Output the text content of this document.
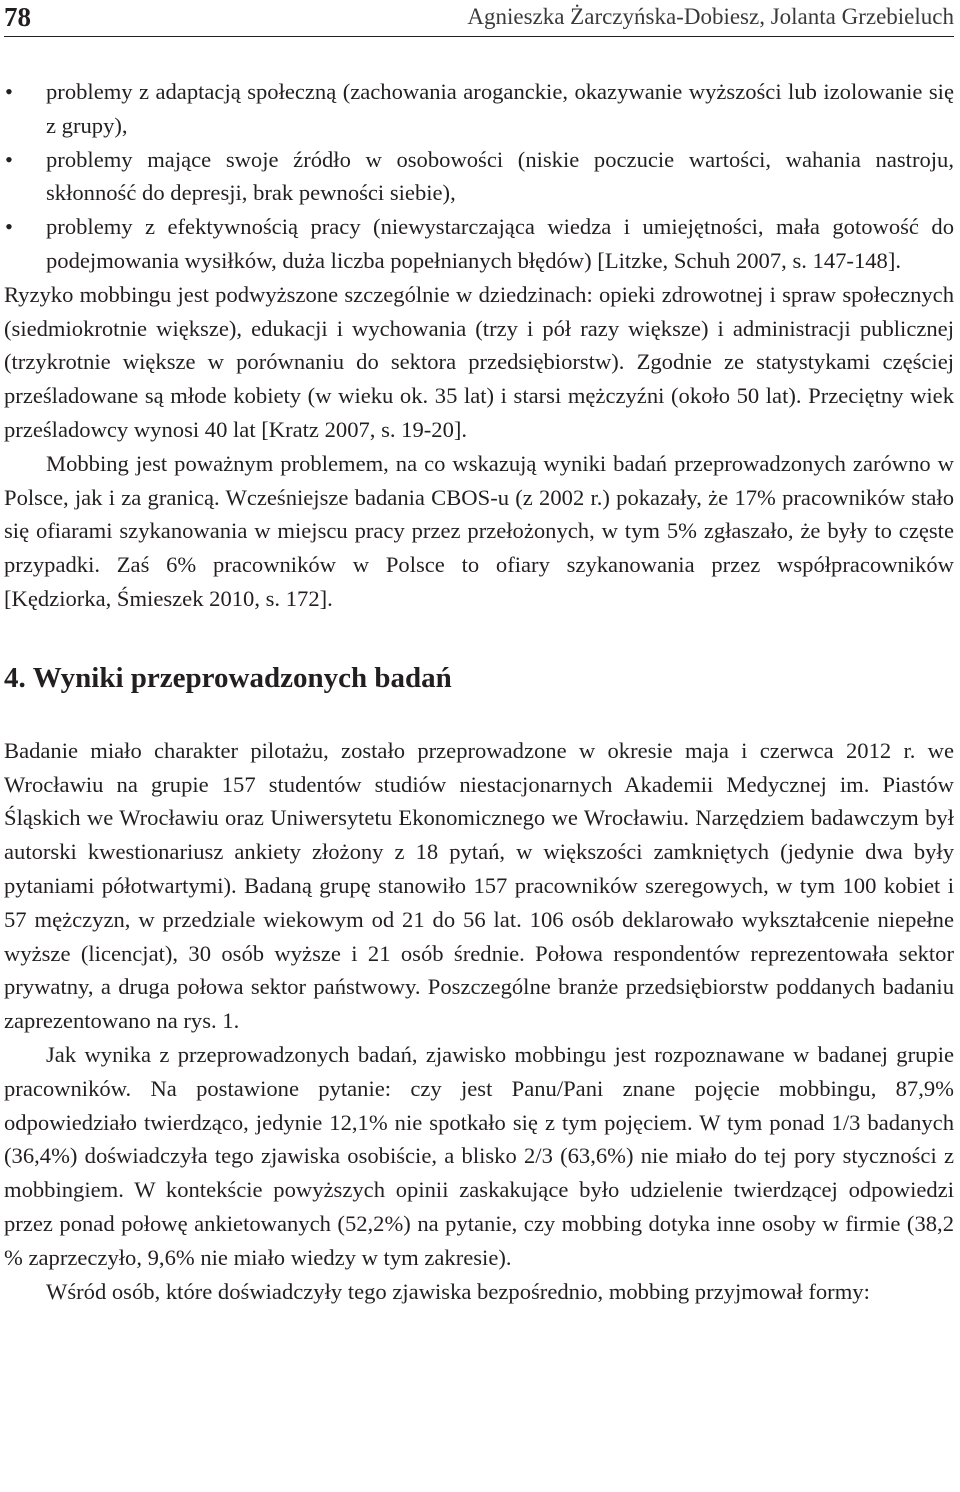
78	Agnieszka Żarczyńska-Dobiesz, Jolanta Grzebieluch
• problemy z adaptacją społeczną (zachowania aroganckie, okazywanie wyższości lub izolowanie się z grupy),
• problemy mające swoje źródło w osobowości (niskie poczucie wartości, wahania nastroju, skłonność do depresji, brak pewności siebie),
• problemy z efektywnością pracy (niewystarczająca wiedza i umiejętności, mała gotowość do podejmowania wysiłków, duża liczba popełnianych błędów) [Litzke, Schuh 2007, s. 147-148].

Ryzyko mobbingu jest podwyższone szczególnie w dziedzinach: opieki zdrowotnej i spraw społecznych (siedmiokrotnie większe), edukacji i wychowania (trzy i pół razy większe) i administracji publicznej (trzykrotnie większe w porównaniu do sektora przedsiębiorstw). Zgodnie ze statystykami częściej prześladowane są młode kobiety (w wieku ok. 35 lat) i starsi mężczyźni (około 50 lat). Przeciętny wiek prześladowcy wynosi 40 lat [Kratz 2007, s. 19-20].

Mobbing jest poważnym problemem, na co wskazują wyniki badań przeprowadzonych zarówno w Polsce, jak i za granicą. Wcześniejsze badania CBOS-u (z 2002 r.) pokazały, że 17% pracowników stało się ofiarami szykanowania w miejscu pracy przez przełożonych, w tym 5% zgłaszało, że były to częste przypadki. Zaś 6% pracowników w Polsce to ofiary szykanowania przez współpracowników [Kędziorka, Śmieszek 2010, s. 172].

4. Wyniki przeprowadzonych badań

Badanie miało charakter pilotażu, zostało przeprowadzone w okresie maja i czerwca 2012 r. we Wrocławiu na grupie 157 studentów studiów niestacjonarnych Akademii Medycznej im. Piastów Śląskich we Wrocławiu oraz Uniwersytetu Ekonomicznego we Wrocławiu. Narzędziem badawczym był autorski kwestionariusz ankiety złożony z 18 pytań, w większości zamkniętych (jedynie dwa były pytaniami półotwartymi). Badaną grupę stanowiło 157 pracowników szeregowych, w tym 100 kobiet i 57 mężczyzn, w przedziale wiekowym od 21 do 56 lat. 106 osób deklarowało wykształcenie niepełne wyższe (licencjat), 30 osób wyższe i 21 osób średnie. Połowa respondentów reprezentowała sektor prywatny, a druga połowa sektor państwowy. Poszczególne branże przedsiębiorstw poddanych badaniu zaprezentowano na rys. 1.

Jak wynika z przeprowadzonych badań, zjawisko mobbingu jest rozpoznawane w badanej grupie pracowników. Na postawione pytanie: czy jest Panu/Pani znane pojęcie mobbingu, 87,9% odpowiedziało twierdząco, jedynie 12,1% nie spotkało się z tym pojęciem. W tym ponad 1/3 badanych (36,4%) doświadczyła tego zjawiska osobiście, a blisko 2/3 (63,6%) nie miało do tej pory styczności z mobbingiem. W kontekście powyższych opinii zaskakujące było udzielenie twierdzącej odpowiedzi przez ponad połowę ankietowanych (52,2%) na pytanie, czy mobbing dotyka inne osoby w firmie (38,2 % zaprzeczyło, 9,6% nie miało wiedzy w tym zakresie).

Wśród osób, które doświadczyły tego zjawiska bezpośrednio, mobbing przyjmował formy:
